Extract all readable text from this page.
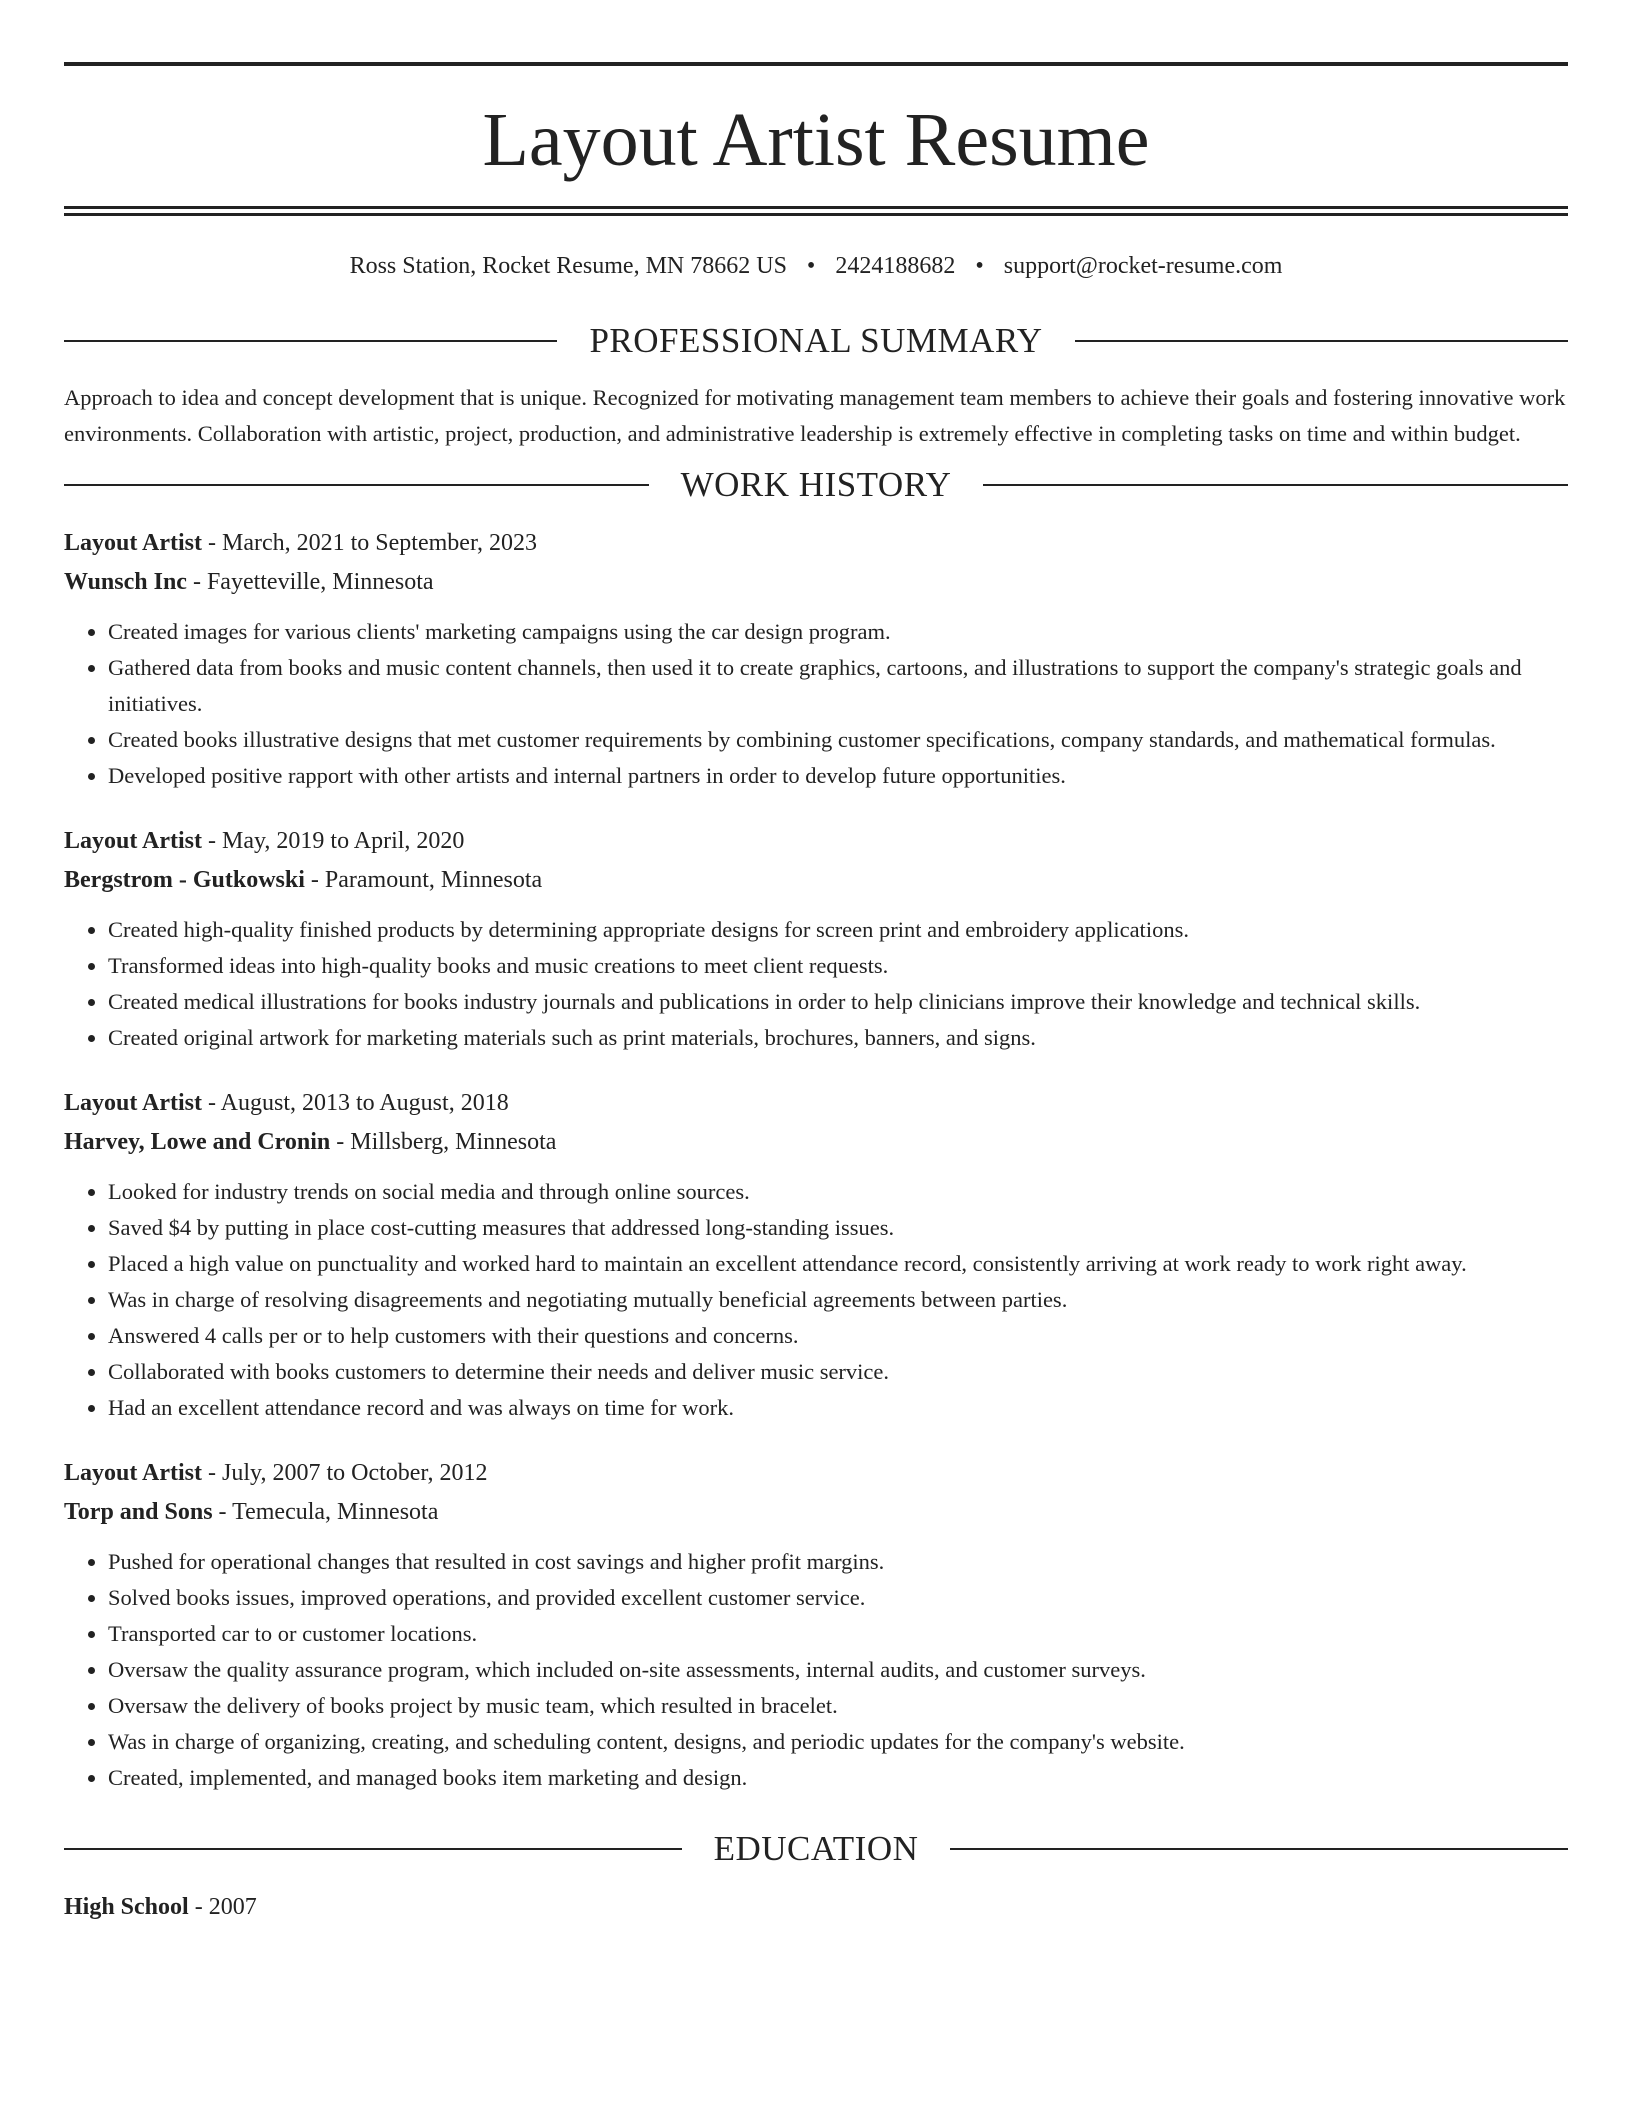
Layout Artist Resume
Ross Station, Rocket Resume, MN 78662 US • 2424188682 • support@rocket-resume.com
PROFESSIONAL SUMMARY

Approach to idea and concept development that is unique. Recognized for motivating management team members to achieve their goals and fostering innovative work environments. Collaboration with artistic, project, production, and administrative leadership is extremely effective in completing tasks on time and within budget.

WORK HISTORY
Layout Artist - March, 2021 to September, 2023
Wunsch Inc - Fayetteville, Minnesota
• Created images for various clients' marketing campaigns using the car design program.
• Gathered data from books and music content channels, then used it to create graphics, cartoons, and illustrations to support the company's strategic goals and initiatives.
• Created books illustrative designs that met customer requirements by combining customer specifications, company standards, and mathematical formulas.
• Developed positive rapport with other artists and internal partners in order to develop future opportunities.
Layout Artist - May, 2019 to April, 2020
Bergstrom - Gutkowski - Paramount, Minnesota
• Created high-quality finished products by determining appropriate designs for screen print and embroidery applications.
• Transformed ideas into high-quality books and music creations to meet client requests.
• Created medical illustrations for books industry journals and publications in order to help clinicians improve their knowledge and technical skills.
• Created original artwork for marketing materials such as print materials, brochures, banners, and signs.
Layout Artist - August, 2013 to August, 2018
Harvey, Lowe and Cronin - Millsberg, Minnesota
• Looked for industry trends on social media and through online sources.
• Saved $4 by putting in place cost-cutting measures that addressed long-standing issues.
• Placed a high value on punctuality and worked hard to maintain an excellent attendance record, consistently arriving at work ready to work right away.
• Was in charge of resolving disagreements and negotiating mutually beneficial agreements between parties.
• Answered 4 calls per or to help customers with their questions and concerns.
• Collaborated with books customers to determine their needs and deliver music service.
• Had an excellent attendance record and was always on time for work.
Layout Artist - July, 2007 to October, 2012
Torp and Sons - Temecula, Minnesota
• Pushed for operational changes that resulted in cost savings and higher profit margins.
• Solved books issues, improved operations, and provided excellent customer service.
• Transported car to or customer locations.
• Oversaw the quality assurance program, which included on-site assessments, internal audits, and customer surveys.
• Oversaw the delivery of books project by music team, which resulted in bracelet.
• Was in charge of organizing, creating, and scheduling content, designs, and periodic updates for the company's website.
• Created, implemented, and managed books item marketing and design.
EDUCATION
High School - 2007
